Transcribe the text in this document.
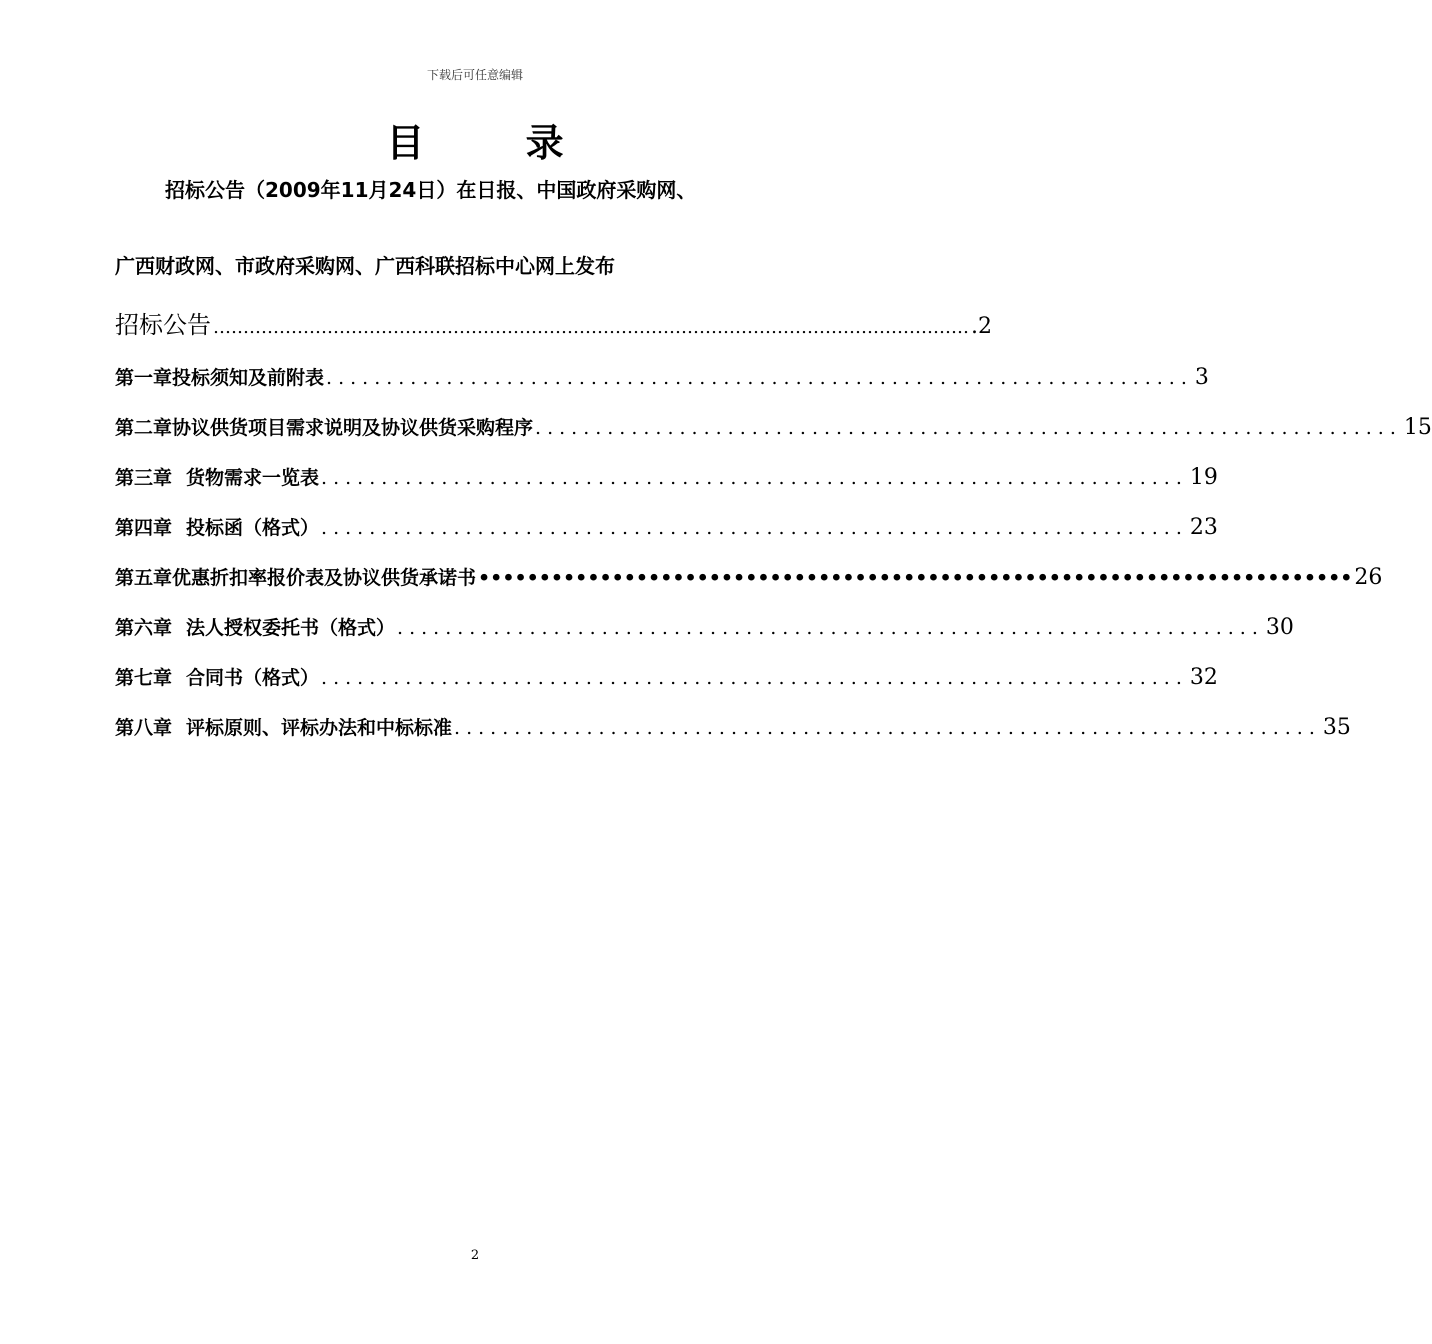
下载后可任意编辑
目 录
招标公告（2009年11月24日）在日报、中国政府采购网、
广西财政网、市政府采购网、广西科联招标中心网上发布
招标公告 ……………………………………………………………………………………………………………… .2
第一章 投标须知及前附表 ........................................................................ 3
第二章 协议供货项目需求说明及协议供货采购程序 ........................................................................ 15
第三章 货物需求一览表 ........................................................................ 19
第四章 投标函（格式） ........................................................................ 23
第五章 优惠折扣率报价表及协议供货承诺书 •••••••••••••••••••••••••••••••••••••••••••••••••••••••••••••••••••••••• 26
第六章 法人授权委托书（格式） ........................................................................ 30
第七章 合同书（格式） ........................................................................ 32
第八章 评标原则、评标办法和中标标准 ........................................................................ 35
2
